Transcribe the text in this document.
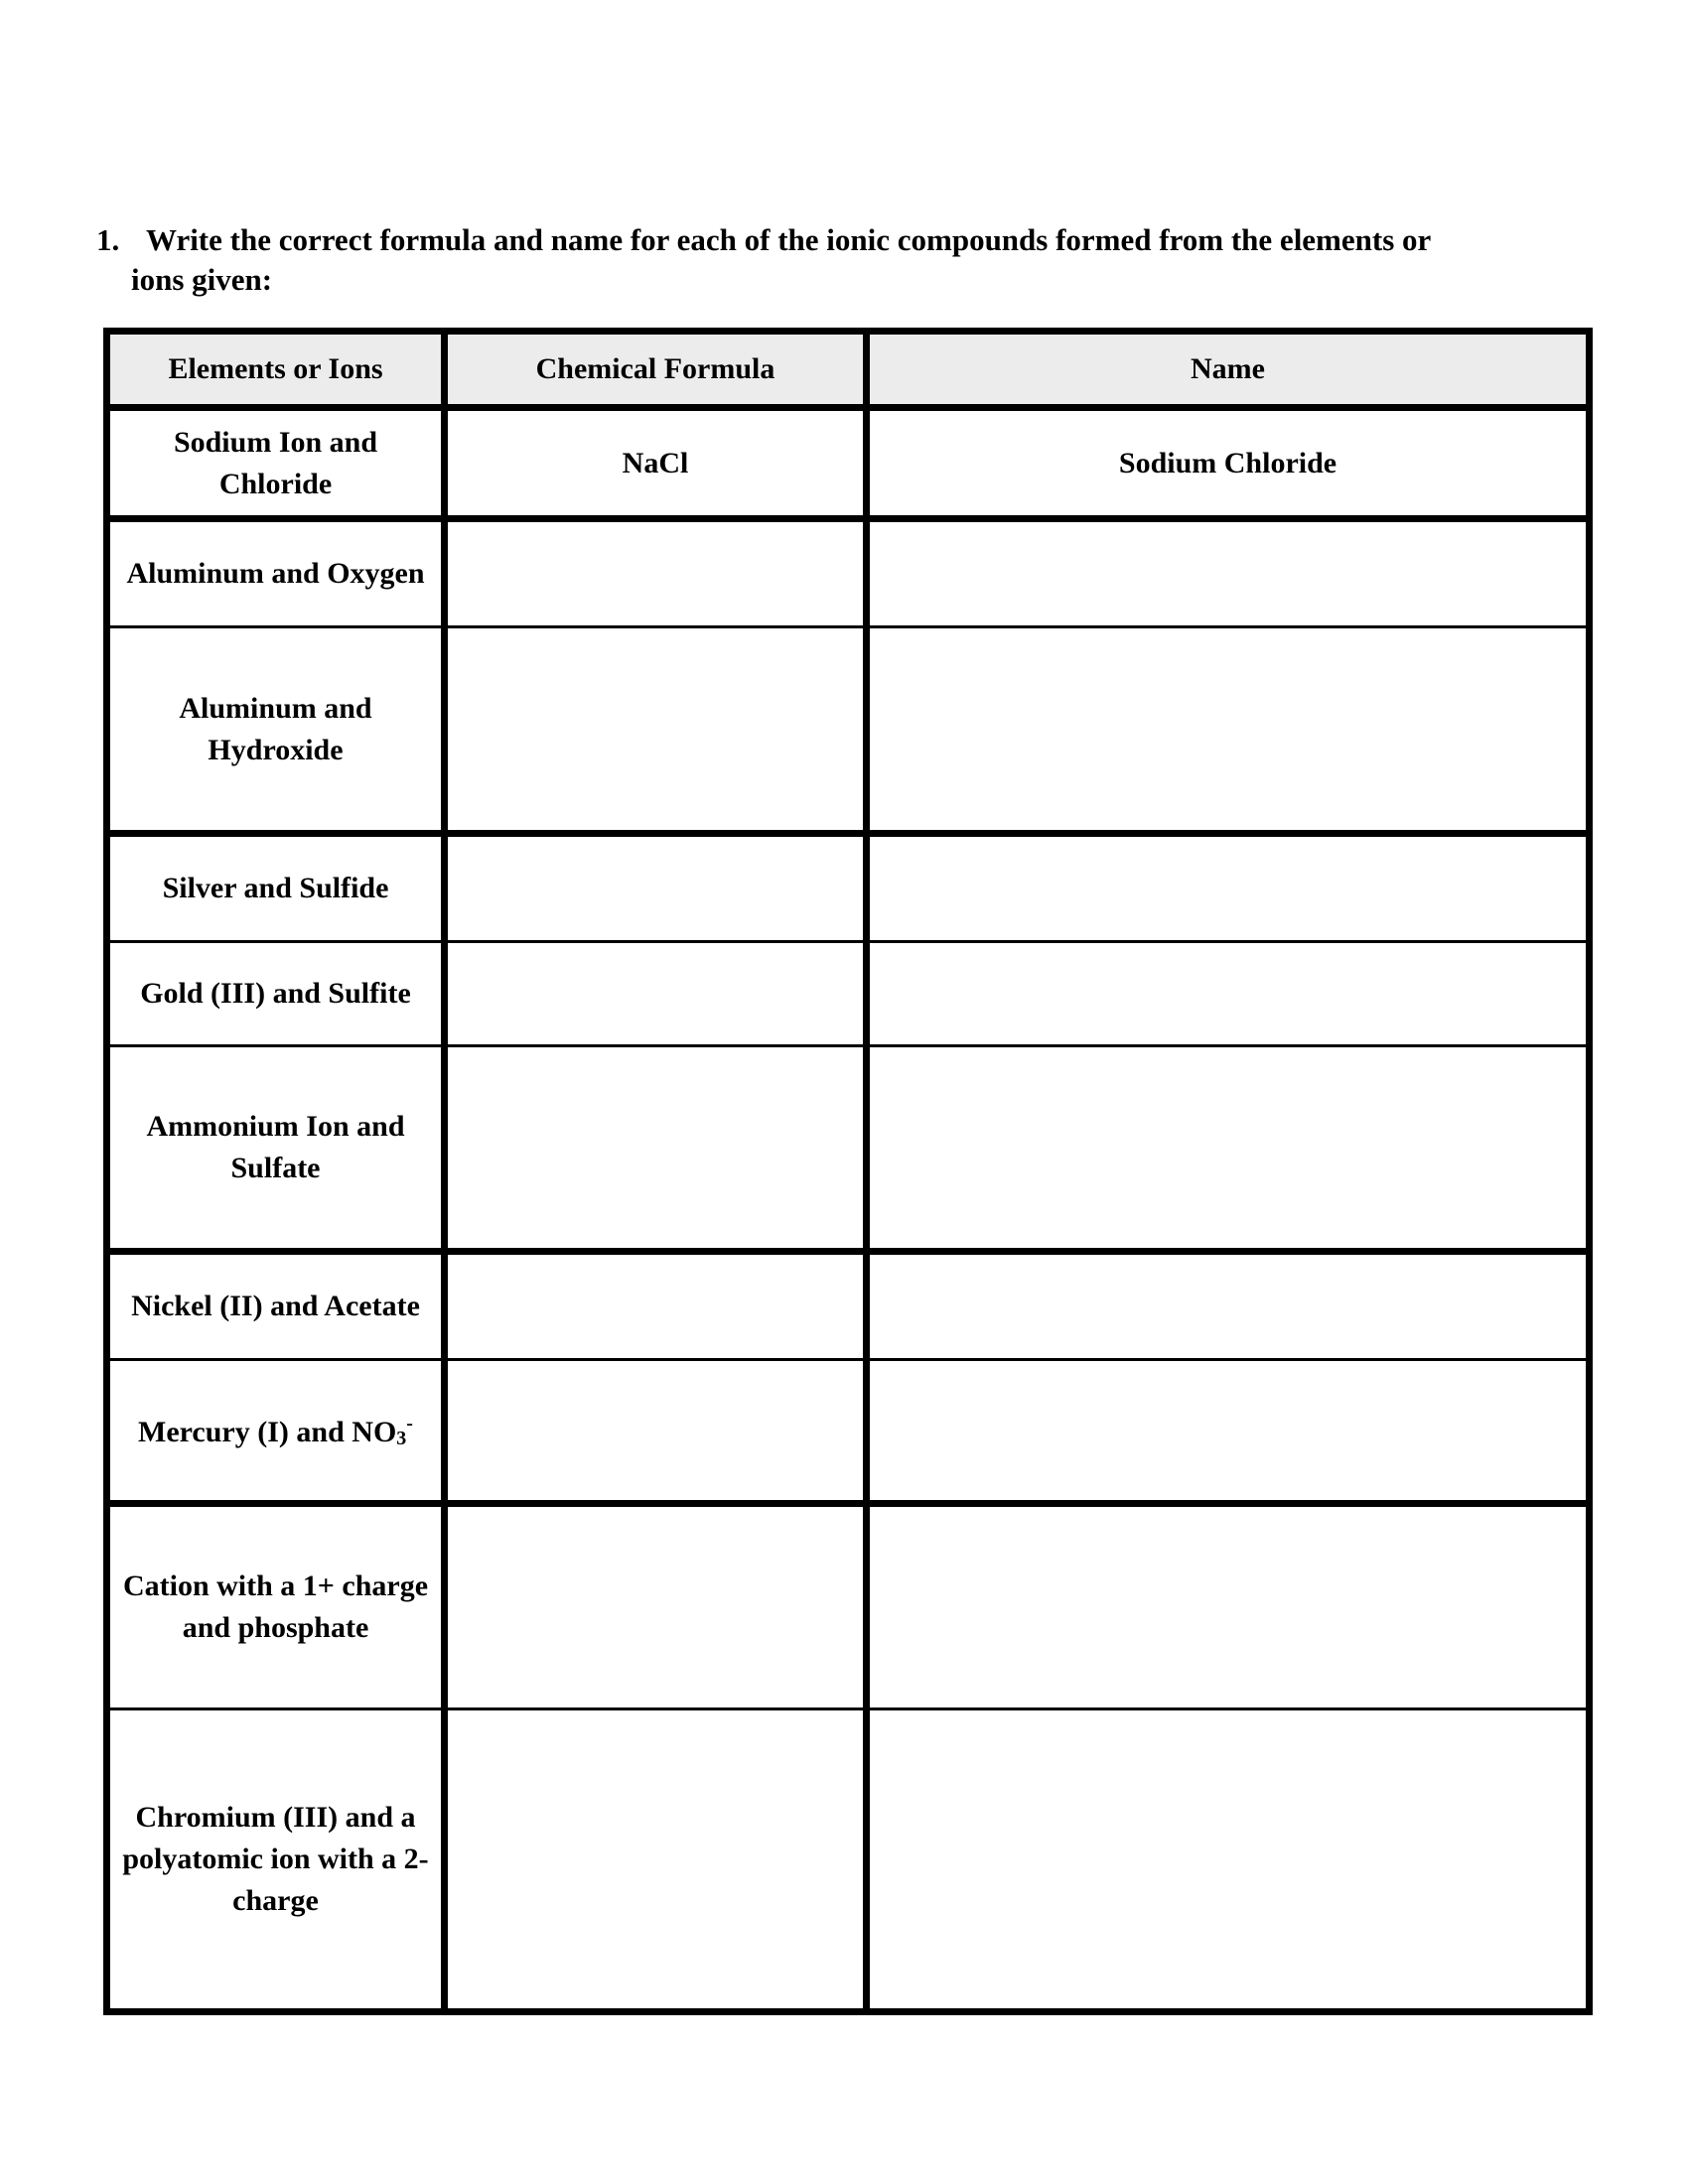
1. Write the correct formula and name for each of the ionic compounds formed from the elements or
ions given:
Elements or Ions	Chemical Formula	Name
Sodium Ion and Chloride	NaCl	Sodium Chloride
Aluminum and Oxygen		
Aluminum and Hydroxide		
Silver and Sulfide		
Gold (III) and Sulfite		
Ammonium Ion and Sulfate		
Nickel (II) and Acetate		
Mercury (I) and $NO_3^-$		
Cation with a 1+ charge and phosphate		
Chromium (III) and a polyatomic ion with a 2- charge		
